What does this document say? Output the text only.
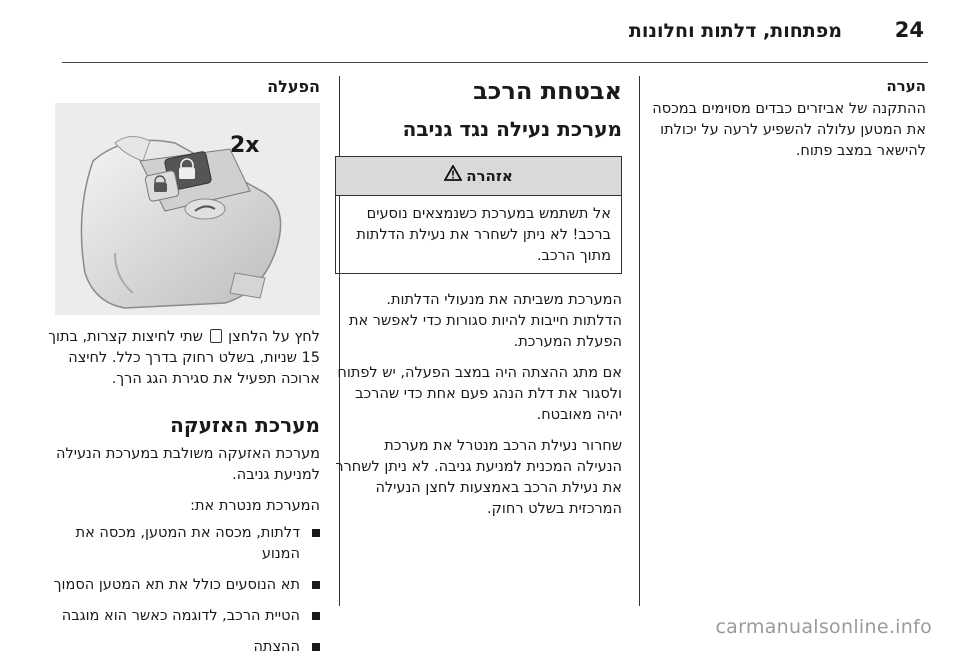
מפתחות, דלתות וחלונות	24
הערה

ההתקנה של אביזרים כבדים מסוימים במכסה את המטען עלולה להשפיע לרעה על יכולתו להישאר במצב פתוח.

אבטחת הרכב
מערכת נעילה נגד גניבה
אזהרה
אל תשתמש במערכת כשנמצאים נוסעים ברכב! לא ניתן לשחרר את נעילת הדלתות מתוך הרכב.

המערכת משביתה את מנעולי הדלתות. הדלתות חייבות להיות סגורות כדי לאפשר את הפעלת המערכת.

אם מתג ההצתה היה במצב הפעלה, יש לפתוח ולסגור את דלת הנהג פעם אחת כדי שהרכב יהיה מאובטח.

שחרור נעילת הרכב מנטרל את מערכת הנעילה המכנית למניעת גניבה. לא ניתן לשחרר את נעילת הרכב באמצעות לחצן הנעילה המרכזית בשלט רחוק.

הפעלה
2x

לחץ על הלחצן  שתי לחיצות קצרות, בתוך 15 שניות, בשלט רחוק בדרך כלל. לחיצה ארוכה תפעיל את סגירת הגג הרך.

מערכת האזעקה

מערכת האזעקה משולבת במערכת הנעילה למניעת גניבה.

המערכת מנטרת את:

דלתות, מכסה את המטען, מכסה את המנוע
תא הנוסעים כולל את תא המטען הסמוך
הטיית הרכב, לדוגמה כאשר הוא מוגבה
ההצתה
carmanualsonline.info
